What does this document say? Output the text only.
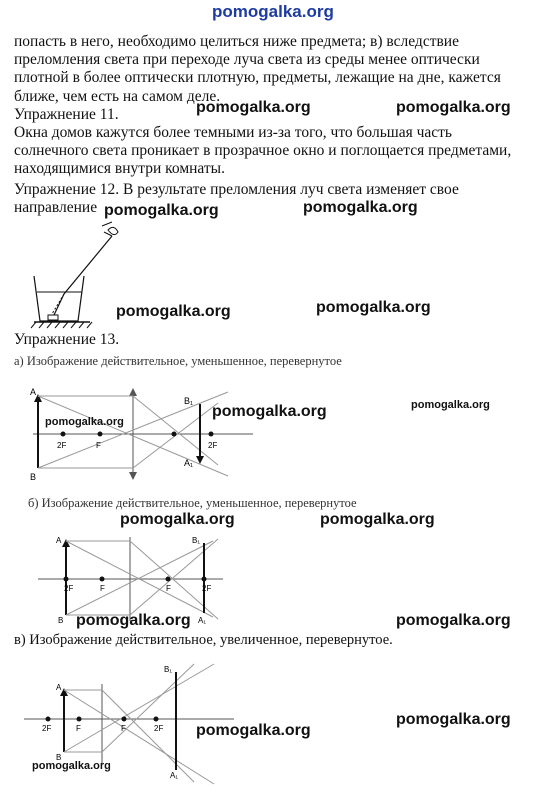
pomogalka.org
попасть в него, необходимо целиться ниже предмета; в) вследствие
преломления света при переходе луча света из среды менее оптически
плотной в более оптически плотную, предметы, лежащие на дне, кажется
ближе, чем есть на самом деле.
Упражнение 11.	pomogalka.org	pomogalka.org
Окна домов кажутся более темными из-за того, что большая часть
солнечного света проникает в прозрачное окно и поглощается предметами,
находящимися внутри комнаты.
Упражнение 12. В результате преломления луч света изменяет свое
направление pomogalka.org	pomogalka.org
pomogalka.org	pomogalka.org
Упражнение 13.
а) Изображение действительное, уменьшенное, перевернутое
A
B
2F	F
B₁
A₁
2F
pomogalka.org
pomogalka.org	pomogalka.org
б) Изображение действительное, уменьшенное, перевернутое
pomogalka.org	pomogalka.org
A
B
2F	F	F
B₁
2F
A₁
pomogalka.org	pomogalka.org
в) Изображение действительное, увеличенное, перевернутое.
A
B
2F	F	F	2F
B₁
A₁
pomogalka.org
pomogalka.org
pomogalka.org
